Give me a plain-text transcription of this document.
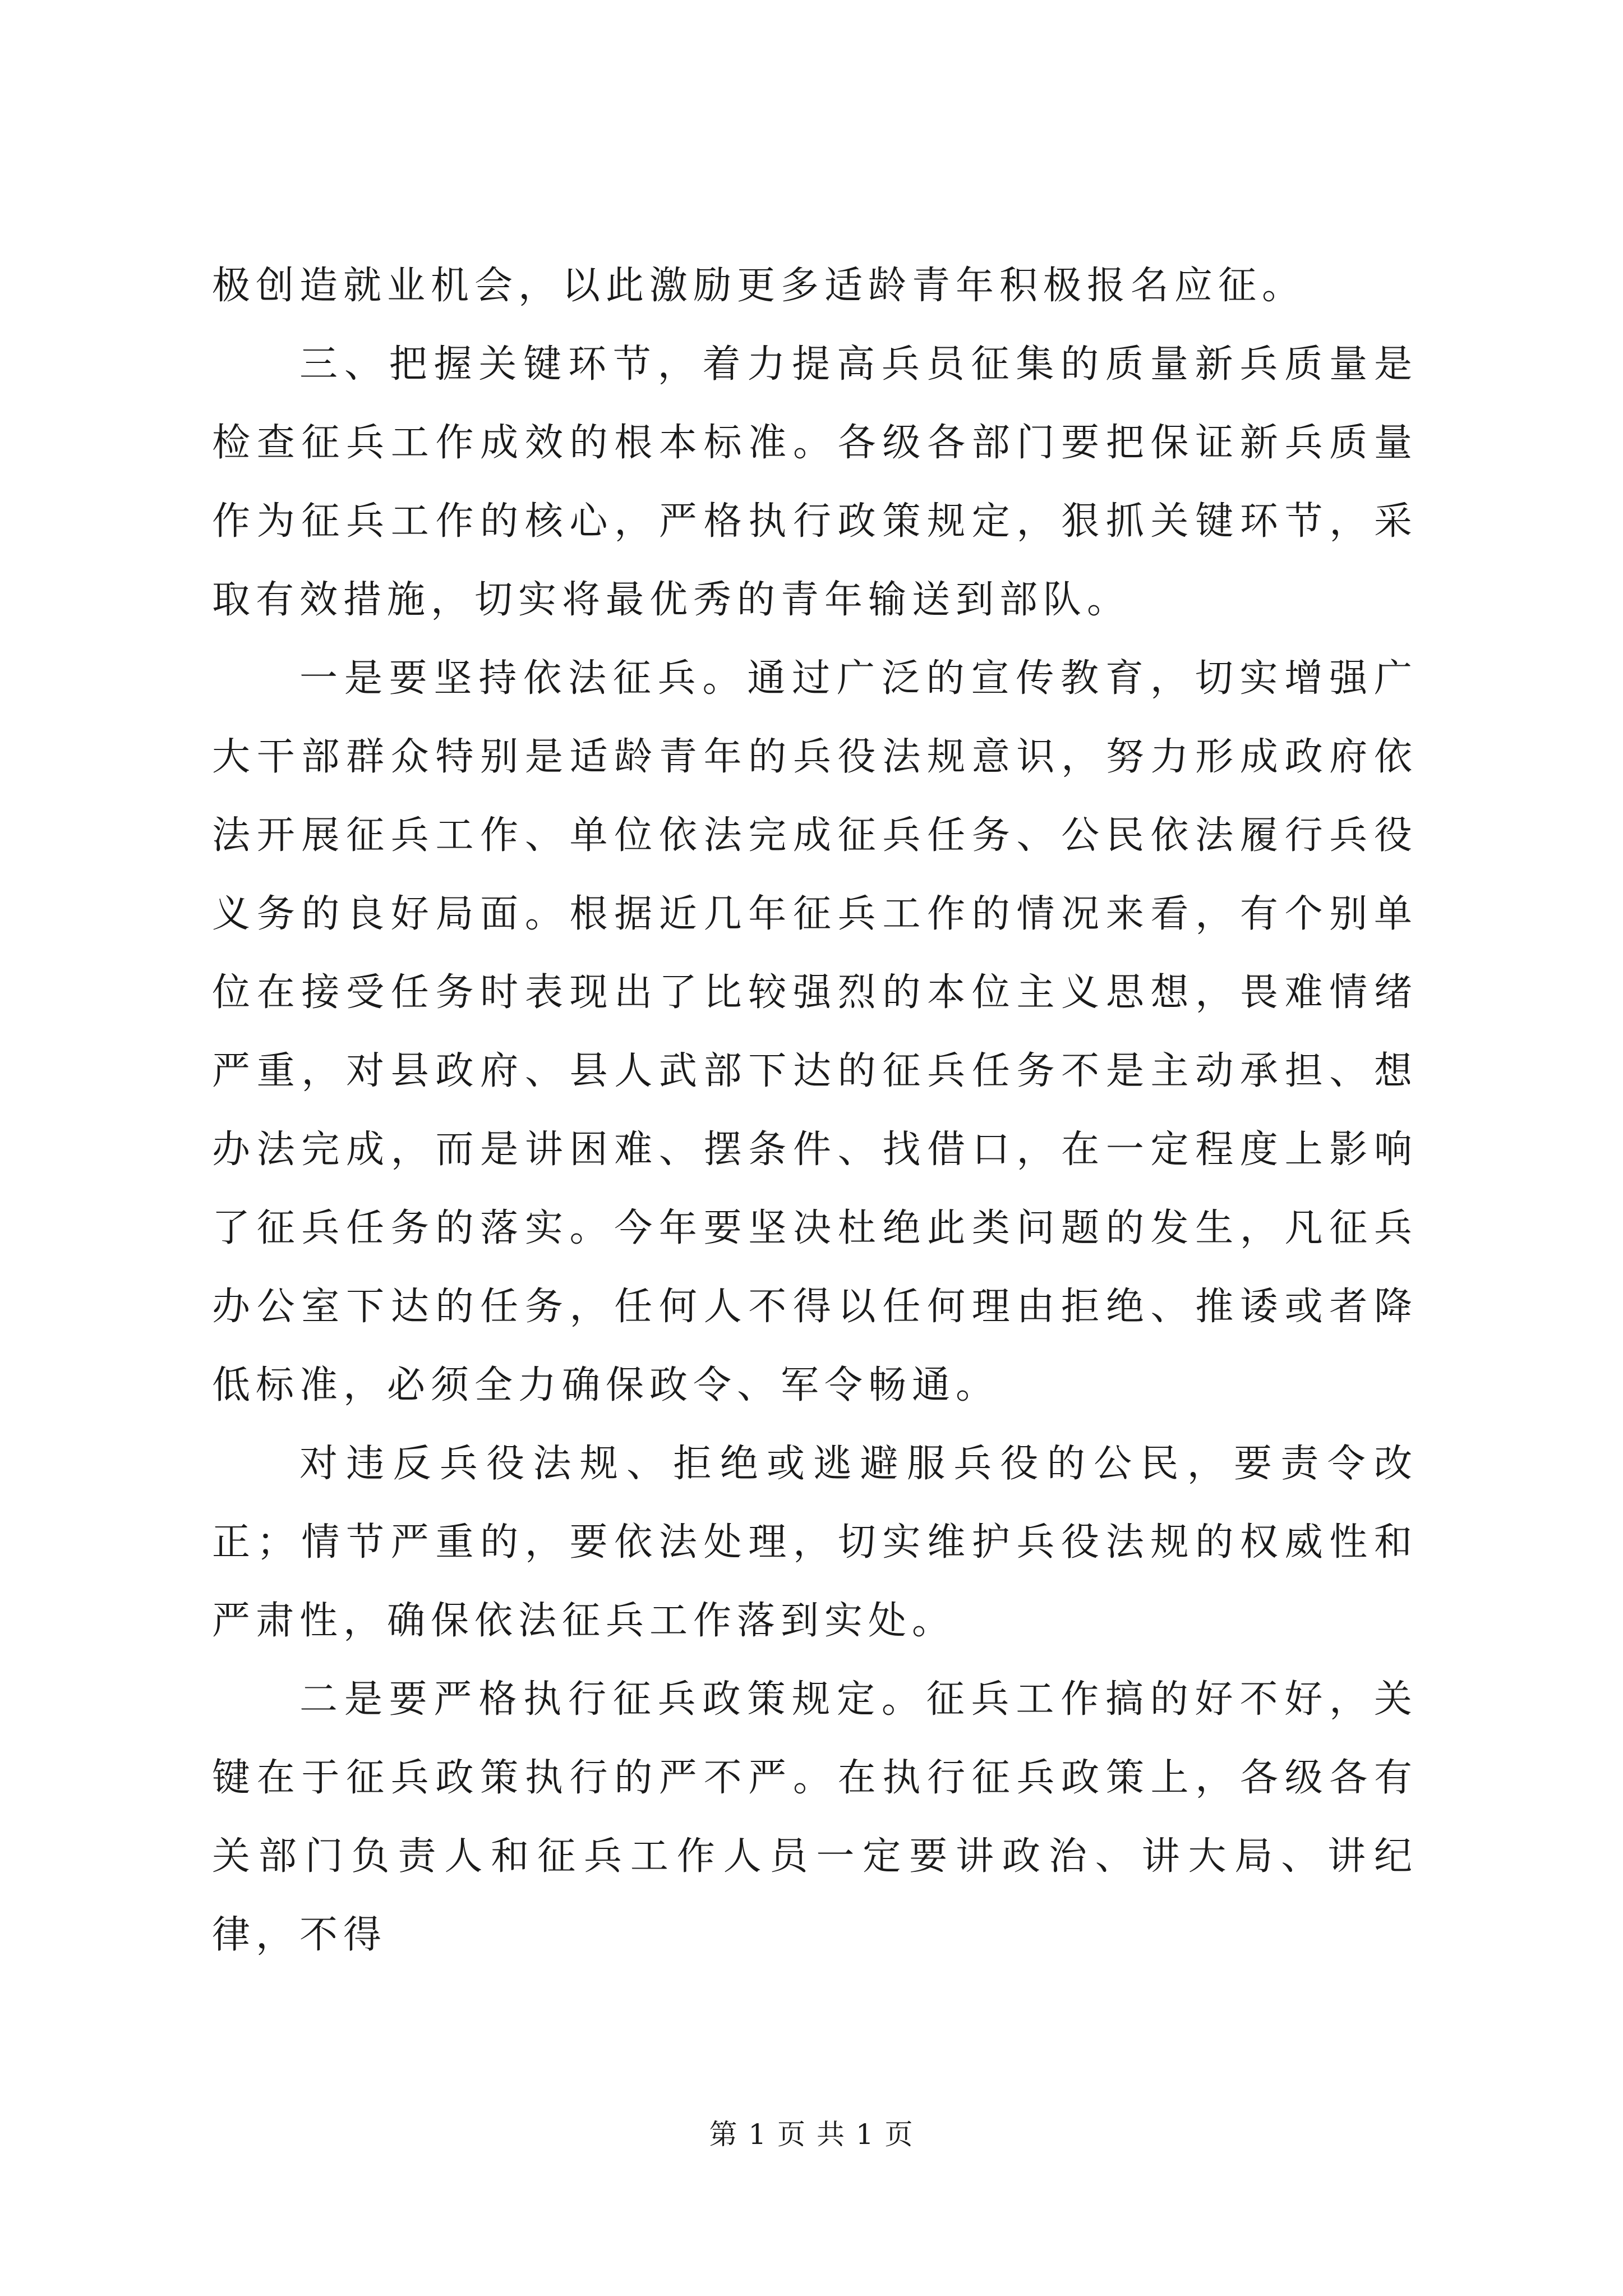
极创造就业机会，以此激励更多适龄青年积极报名应征。

三、把握关键环节，着力提高兵员征集的质量新兵质量是检查征兵工作成效的根本标准。各级各部门要把保证新兵质量作为征兵工作的核心，严格执行政策规定，狠抓关键环节，采取有效措施，切实将最优秀的青年输送到部队。

一是要坚持依法征兵。通过广泛的宣传教育，切实增强广大干部群众特别是适龄青年的兵役法规意识，努力形成政府依法开展征兵工作、单位依法完成征兵任务、公民依法履行兵役义务的良好局面。根据近几年征兵工作的情况来看，有个别单位在接受任务时表现出了比较强烈的本位主义思想，畏难情绪严重，对县政府、县人武部下达的征兵任务不是主动承担、想办法完成，而是讲困难、摆条件、找借口，在一定程度上影响了征兵任务的落实。今年要坚决杜绝此类问题的发生，凡征兵办公室下达的任务，任何人不得以任何理由拒绝、推诿或者降低标准，必须全力确保政令、军令畅通。

对违反兵役法规、拒绝或逃避服兵役的公民，要责令改正；情节严重的，要依法处理，切实维护兵役法规的权威性和严肃性，确保依法征兵工作落到实处。

二是要严格执行征兵政策规定。征兵工作搞的好不好，关键在于征兵政策执行的严不严。在执行征兵政策上，各级各有关部门负责人和征兵工作人员一定要讲政治、讲大局、讲纪律，不得

第 1 页 共 1 页
